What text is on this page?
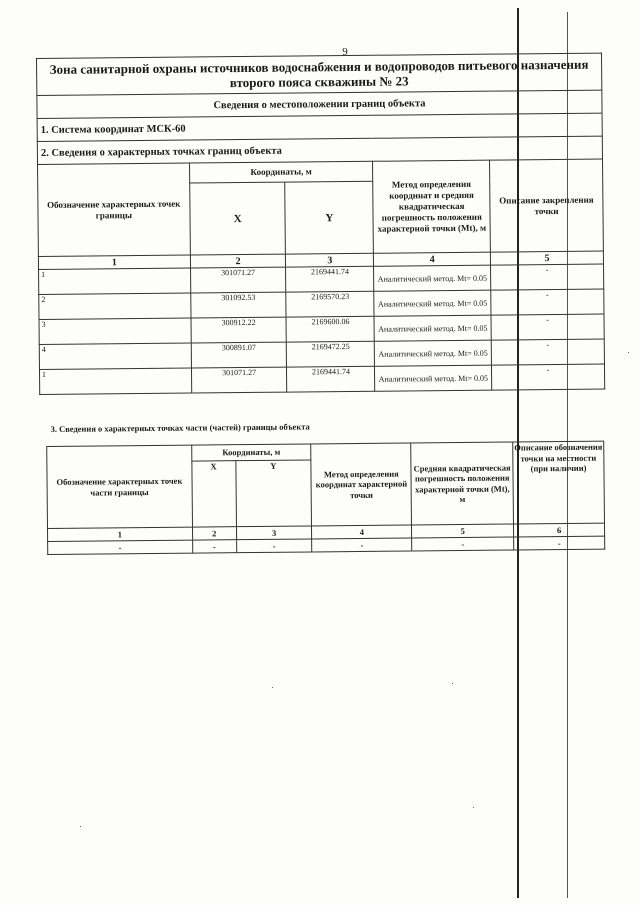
9
Зона санитарной охраны источников водоснабжения и водопроводов питьевого назначения второго пояса скважины № 23				
Сведения о местоположении границ объекта				
1. Система координат МСК-60				
2. Сведения о характерных точках границ объекта				
Обозначение характерных точек границы	Координаты, м		Метод определения координат и средняя квадратическая погрешность положения характерной точки (Mt), м	Описание закрепления точки
	X	Y		
1	2	3	4	5
1	301071.27	2169441.74	Аналитический метод. Mt= 0.05	-
2	301092.53	2169570.23	Аналитический метод. Mt= 0.05	-
3	300912.22	2169600.06	Аналитический метод. Mt= 0.05	-
4	300891.07	2169472.25	Аналитический метод. Mt= 0.05	-
1	301071.27	2169441.74	Аналитический метод. Mt= 0.05	-
3. Сведения о характерных точках части (частей) границы объекта					
Обозначение характерных точек части границы	Координаты, м		Метод определения координат характерной точки	Средняя квадратическая погрешность положения характерной точки (Mt), м	Описание обозначения точки на местности (при наличии)
	X	Y			
1	2	3	4	5	6
-	-	-	-	-	-
